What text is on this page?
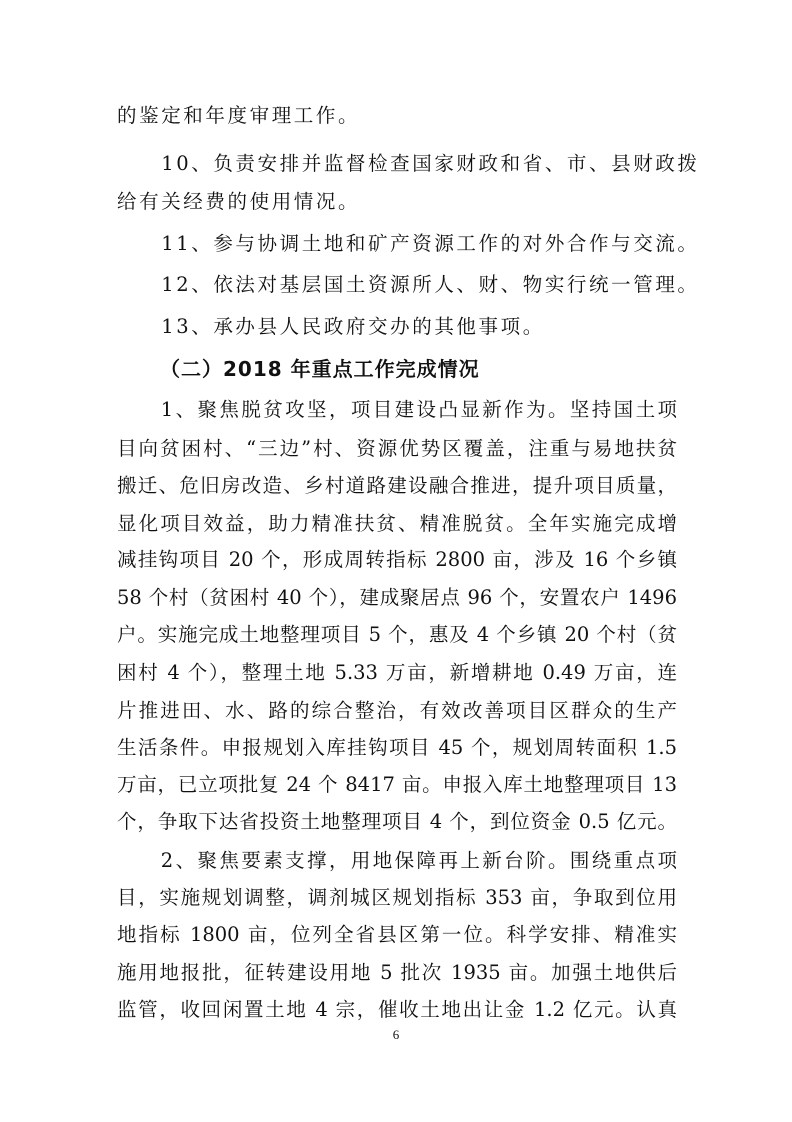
的鉴定和年度审理工作。
　　10、负责安排并监督检查国家财政和省、市、县财政拨
给有关经费的使用情况。
　　11、参与协调土地和矿产资源工作的对外合作与交流。
　　12、依法对基层国土资源所人、财、物实行统一管理。
　　13、承办县人民政府交办的其他事项。
（二）2018 年重点工作完成情况
　　1、聚焦脱贫攻坚，项目建设凸显新作为。坚持国土项
目向贫困村、“三边”村、资源优势区覆盖，注重与易地扶贫
搬迁、危旧房改造、乡村道路建设融合推进，提升项目质量，
显化项目效益，助力精准扶贫、精准脱贫。全年实施完成增
减挂钩项目 20 个，形成周转指标 2800 亩，涉及 16 个乡镇
58 个村（贫困村 40 个），建成聚居点 96 个，安置农户 1496
户。实施完成土地整理项目 5 个，惠及 4 个乡镇 20 个村（贫
困村 4 个），整理土地 5.33 万亩，新增耕地 0.49 万亩，连
片推进田、水、路的综合整治，有效改善项目区群众的生产
生活条件。申报规划入库挂钩项目 45 个，规划周转面积 1.5
万亩，已立项批复 24 个 8417 亩。申报入库土地整理项目 13
个，争取下达省投资土地整理项目 4 个，到位资金 0.5 亿元。
　　2、聚焦要素支撑，用地保障再上新台阶。围绕重点项
目，实施规划调整，调剂城区规划指标 353 亩，争取到位用
地指标 1800 亩，位列全省县区第一位。科学安排、精准实
施用地报批，征转建设用地 5 批次 1935 亩。加强土地供后
监管，收回闲置土地 4 宗，催收土地出让金 1.2 亿元。认真
6
